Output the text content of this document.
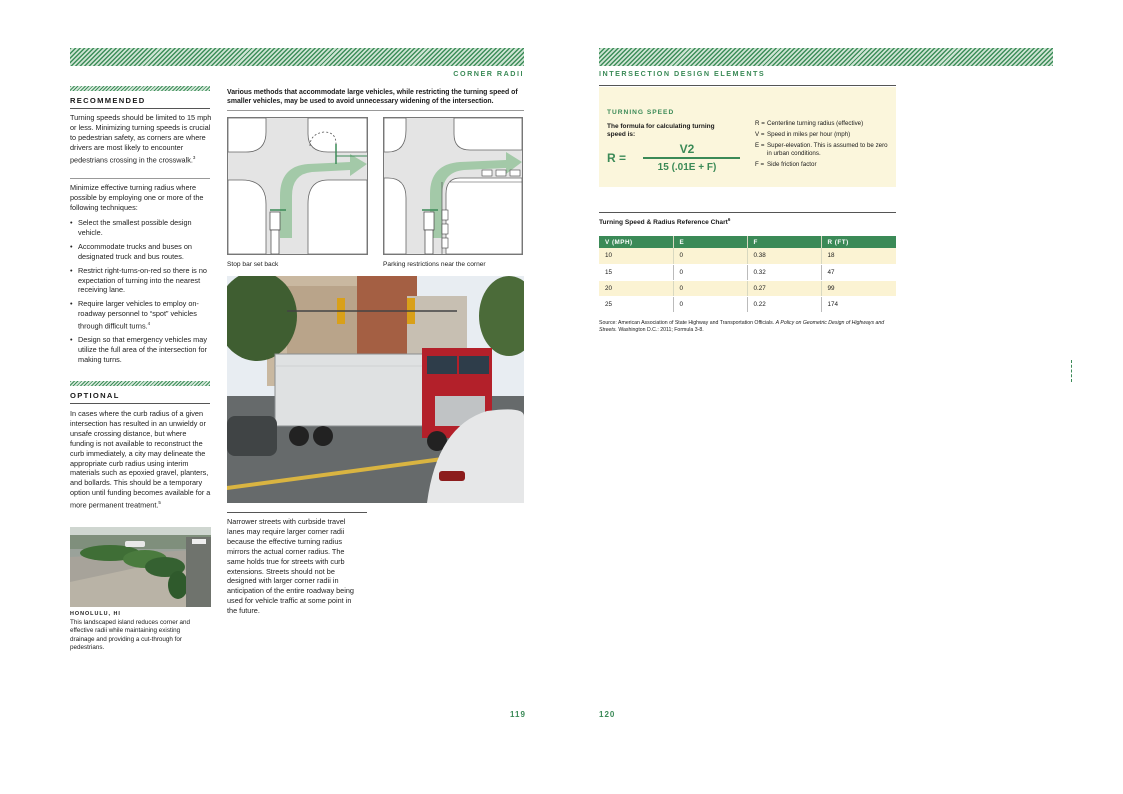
CORNER RADII
RECOMMENDED
Turning speeds should be limited to 15 mph or less. Minimizing turning speeds is crucial to pedestrian safety, as corners are where drivers are most likely to encounter pedestrians crossing in the crosswalk.$^3$
Minimize effective turning radius where possible by employing one or more of the following techniques:
• Select the smallest possible design vehicle.
• Accommodate trucks and buses on designated truck and bus routes.
• Restrict right-turns-on-red so there is no expectation of turning into the nearest receiving lane.
• Require larger vehicles to employ on-roadway personnel to “spot” vehicles through difficult turns.$^4$
• Design so that emergency vehicles may utilize the full area of the intersection for making turns.
OPTIONAL
In cases where the curb radius of a given intersection has resulted in an unwieldy or unsafe crossing distance, but where funding is not available to reconstruct the curb immediately, a city may delineate the appropriate curb radius using interim materials such as epoxied gravel, planters, and bollards. This should be a temporary option until funding becomes available for a more permanent treatment.$^5$
HONOLULU, HI
This landscaped island reduces corner and effective radii while maintaining existing drainage and providing a cut-through for pedestrians.
Various methods that accommodate large vehicles, while restricting the turning speed of smaller vehicles, may be used to avoid unnecessary widening of the intersection.
Stop bar set back	Parking restrictions near the corner
Narrower streets with curbside travel lanes may require larger corner radii because the effective turning radius mirrors the actual corner radius. The same holds true for streets with curb extensions. Streets should not be designed with larger corner radii in anticipation of the entire roadway being used for vehicle traffic at some point in the future.
119
INTERSECTION DESIGN ELEMENTS
TURNING SPEED
The formula for calculating turning speed is:
R =
V2
15 (.01E + F)
R = Centerline turning radius (effective)
V = Speed in miles per hour (mph)
E = Super-elevation. This is assumed to be zero in urban conditions.
F = Side friction factor
Turning Speed & Radius Reference Chart$^6$
V (MPH)	E	F	R (FT)
10	0	0.38	18
15	0	0.32	47
20	0	0.27	99
25	0	0.22	174
Source: American Association of State Highway and Transportation Officials. A Policy on Geometric Design of Highways and Streets. Washington D.C.: 2011; Formula 3-8.
120
